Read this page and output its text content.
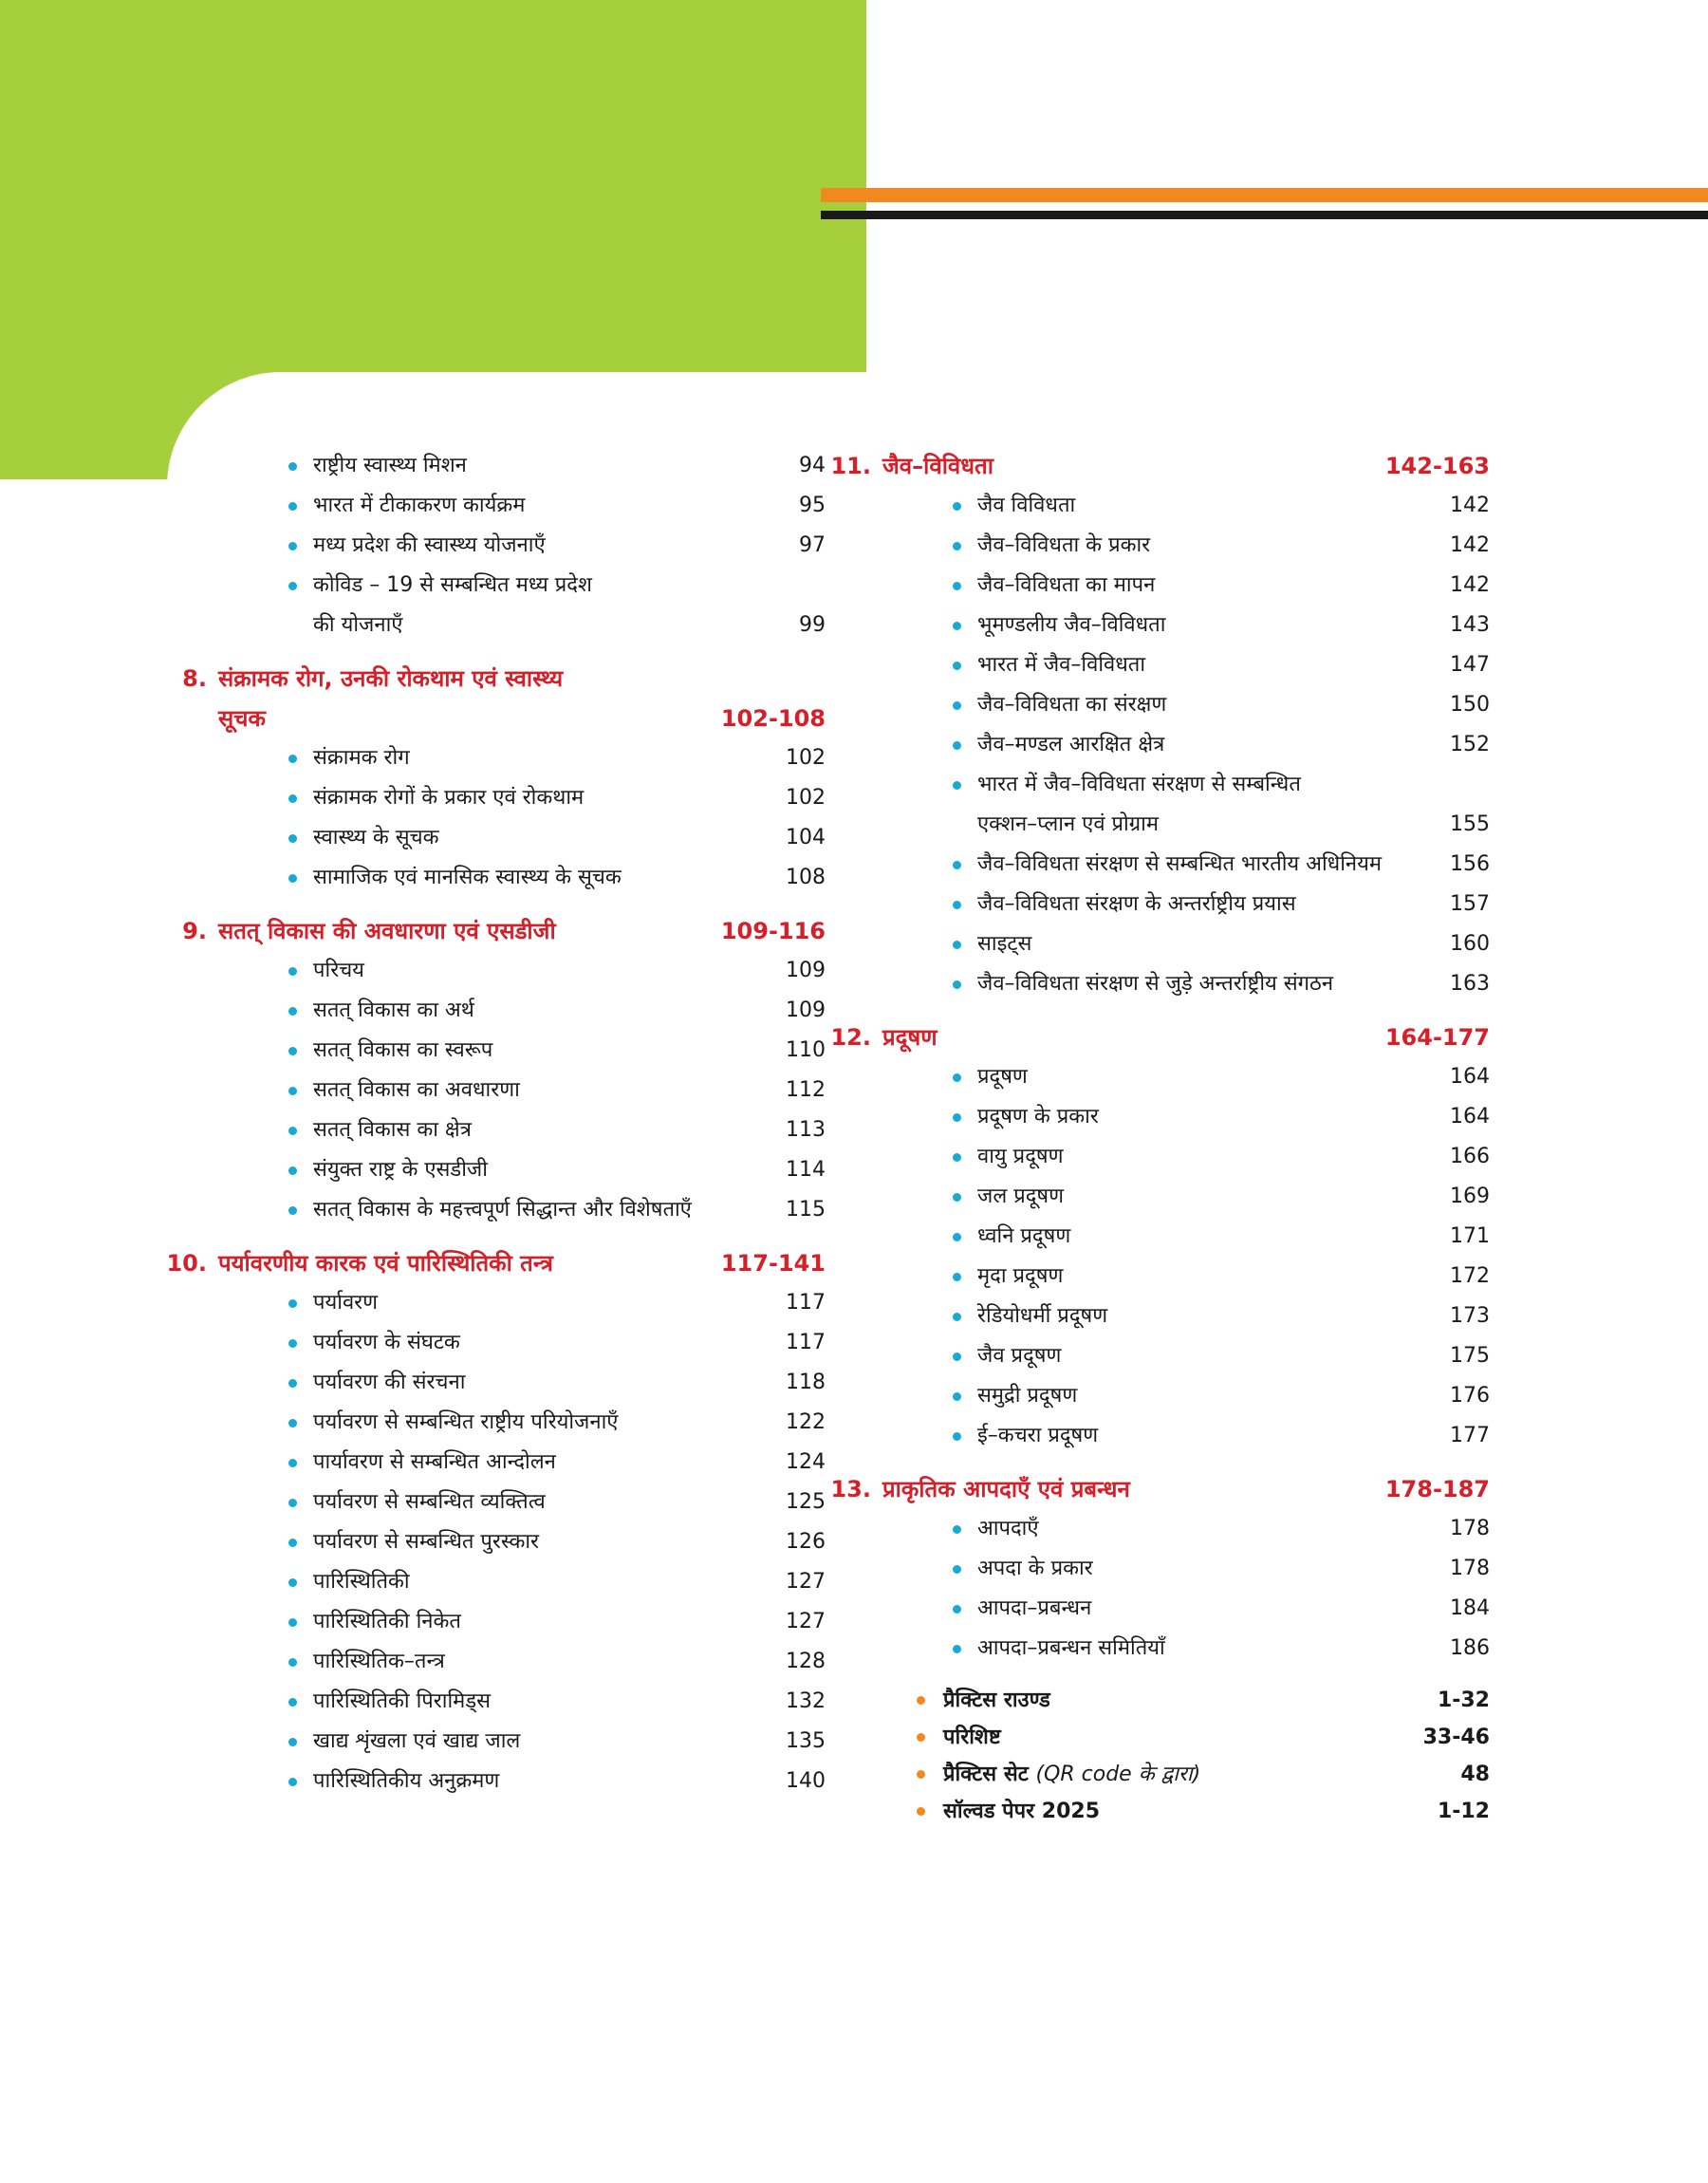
राष्ट्रीय स्वास्थ्य मिशन	94
भारत में टीकाकरण कार्यक्रम	95
मध्य प्रदेश की स्वास्थ्य योजनाएँ	97
कोविड – 19 से सम्बन्धित मध्य प्रदेश
की योजनाएँ	99
8. संक्रामक रोग, उनकी रोकथाम एवं स्वास्थ्य
सूचक	102-108
संक्रामक रोग	102
संक्रामक रोगों के प्रकार एवं रोकथाम	102
स्वास्थ्य के सूचक	104
सामाजिक एवं मानसिक स्वास्थ्य के सूचक	108
9. सतत् विकास की अवधारणा एवं एसडीजी	109-116
परिचय	109
सतत् विकास का अर्थ	109
सतत् विकास का स्वरूप	110
सतत् विकास का अवधारणा	112
सतत् विकास का क्षेत्र	113
संयुक्त राष्ट्र के एसडीजी	114
सतत् विकास के महत्त्वपूर्ण सिद्धान्त और विशेषताएँ	115
10. पर्यावरणीय कारक एवं पारिस्थितिकी तन्त्र	117-141
पर्यावरण	117
पर्यावरण के संघटक	117
पर्यावरण की संरचना	118
पर्यावरण से सम्बन्धित राष्ट्रीय परियोजनाएँ	122
पार्यावरण से सम्बन्धित आन्दोलन	124
पर्यावरण से सम्बन्धित व्यक्तित्व	125
पर्यावरण से सम्बन्धित पुरस्कार	126
पारिस्थितिकी	127
पारिस्थितिकी निकेत	127
पारिस्थितिक–तन्त्र	128
पारिस्थितिकी पिरामिड्स	132
खाद्य शृंखला एवं खाद्य जाल	135
पारिस्थितिकीय अनुक्रमण	140
11. जैव–विविधता	142-163
जैव विविधता	142
जैव–विविधता के प्रकार	142
जैव–विविधता का मापन	142
भूमण्डलीय जैव–विविधता	143
भारत में जैव–विविधता	147
जैव–विविधता का संरक्षण	150
जैव–मण्डल आरक्षित क्षेत्र	152
भारत में जैव–विविधता संरक्षण से सम्बन्धित
एक्शन–प्लान एवं प्रोग्राम	155
जैव–विविधता संरक्षण से सम्बन्धित भारतीय अधिनियम	156
जैव–विविधता संरक्षण के अन्तर्राष्ट्रीय प्रयास	157
साइट्स	160
जैव–विविधता संरक्षण से जुड़े अन्तर्राष्ट्रीय संगठन	163
12. प्रदूषण	164-177
प्रदूषण	164
प्रदूषण के प्रकार	164
वायु प्रदूषण	166
जल प्रदूषण	169
ध्वनि प्रदूषण	171
मृदा प्रदूषण	172
रेडियोधर्मी प्रदूषण	173
जैव प्रदूषण	175
समुद्री प्रदूषण	176
ई–कचरा प्रदूषण	177
13. प्राकृतिक आपदाएँ एवं प्रबन्धन	178-187
आपदाएँ	178
अपदा के प्रकार	178
आपदा–प्रबन्धन	184
आपदा–प्रबन्धन समितियाँ	186
प्रैक्टिस राउण्ड	1-32
परिशिष्ट	33-46
प्रैक्टिस सेट (QR code के द्वारा)	48
सॉल्वड पेपर 2025	1-12
